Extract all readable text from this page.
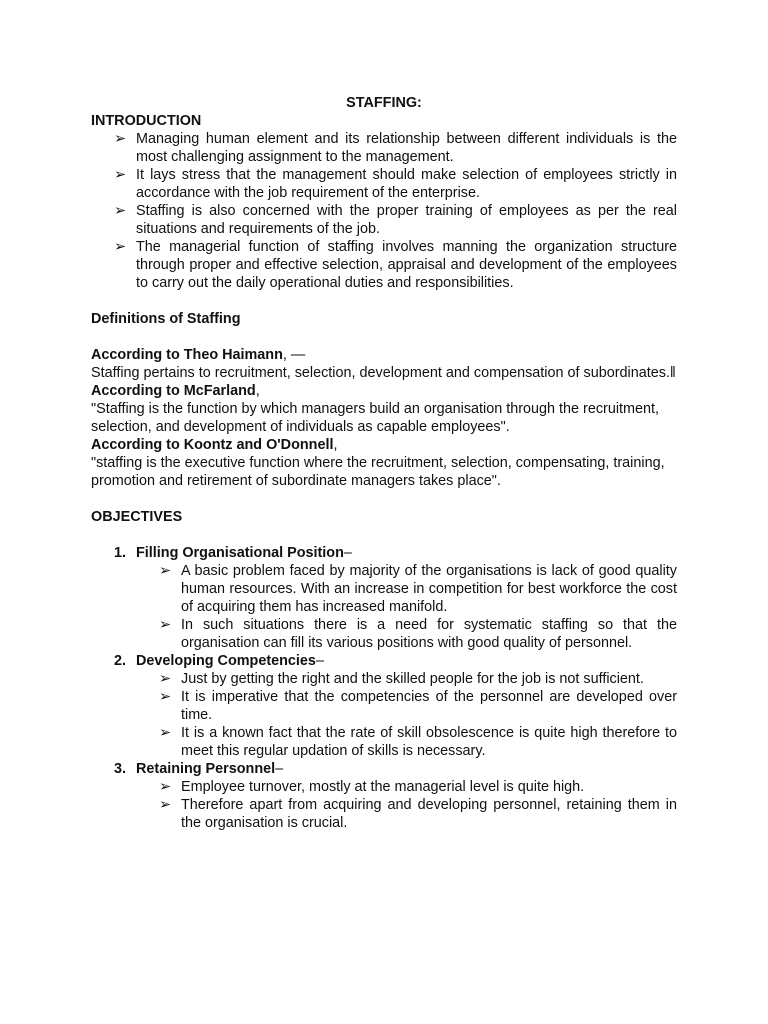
STAFFING:

INTRODUCTION

➢ Managing human element and its relationship between different individuals is the most challenging assignment to the management.
➢ It lays stress that the management should make selection of employees strictly in accordance with the job requirement of the enterprise.
➢ Staffing is also concerned with the proper training of employees as per the real situations and requirements of the job.
➢ The managerial function of staffing involves manning the organization structure through proper and effective selection, appraisal and development of the employees to carry out the daily operational duties and responsibilities.

Definitions of Staffing

According to Theo Haimann, —

Staffing pertains to recruitment, selection, development and compensation of subordinates.‖

According to McFarland,

"Staffing is the function by which managers build an organisation through the recruitment, selection, and development of individuals as capable employees".

According to Koontz and O'Donnell,

"staffing is the executive function where the recruitment, selection, compensating, training, promotion and retirement of subordinate managers takes place".

OBJECTIVES

1. Filling Organisational Position–
➢ A basic problem faced by majority of the organisations is lack of good quality human resources. With an increase in competition for best workforce the cost of acquiring them has increased manifold.
➢ In such situations there is a need for systematic staffing so that the organisation can fill its various positions with good quality of personnel.
2. Developing Competencies–
➢ Just by getting the right and the skilled people for the job is not sufficient.
➢ It is imperative that the competencies of the personnel are developed over time.
➢ It is a known fact that the rate of skill obsolescence is quite high therefore to meet this regular updation of skills is necessary.
3. Retaining Personnel–
➢ Employee turnover, mostly at the managerial level is quite high.
➢ Therefore apart from acquiring and developing personnel, retaining them in the organisation is crucial.
